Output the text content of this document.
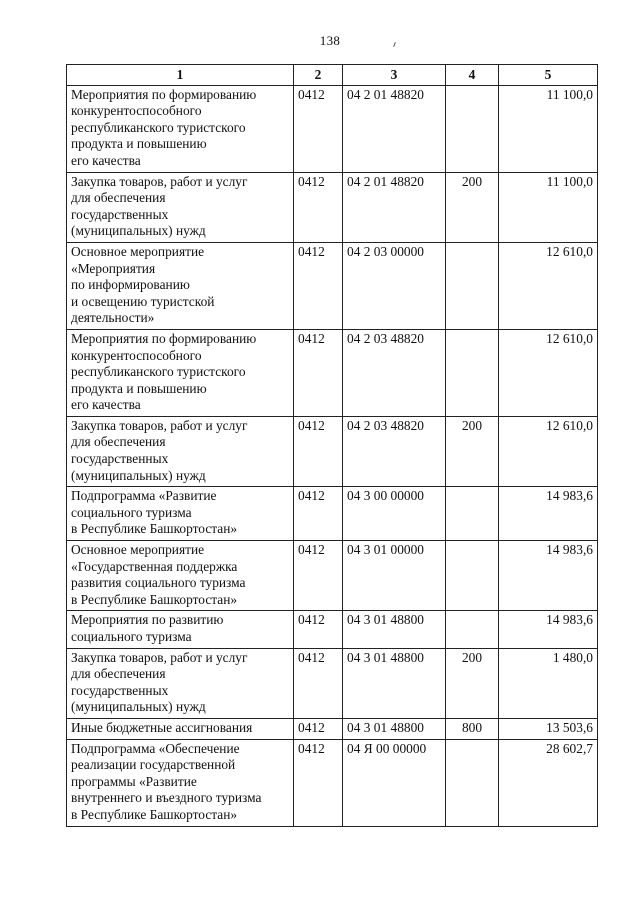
138
1	2	3	4	5
Мероприятия по формированию
конкурентоспособного
республиканского туристского
продукта и повышению
его качества	0412	04 2 01 48820		11 100,0
Закупка товаров, работ и услуг
для обеспечения
государственных
(муниципальных) нужд	0412	04 2 01 48820	200	11 100,0
Основное мероприятие
«Мероприятия
по информированию
и освещению туристской
деятельности»	0412	04 2 03 00000		12 610,0
Мероприятия по формированию
конкурентоспособного
республиканского туристского
продукта и повышению
его качества	0412	04 2 03 48820		12 610,0
Закупка товаров, работ и услуг
для обеспечения
государственных
(муниципальных) нужд	0412	04 2 03 48820	200	12 610,0
Подпрограмма «Развитие
социального туризма
в Республике Башкортостан»	0412	04 3 00 00000		14 983,6
Основное мероприятие
«Государственная поддержка
развития социального туризма
в Республике Башкортостан»	0412	04 3 01 00000		14 983,6
Мероприятия по развитию
социального туризма	0412	04 3 01 48800		14 983,6
Закупка товаров, работ и услуг
для обеспечения
государственных
(муниципальных) нужд	0412	04 3 01 48800	200	1 480,0
Иные бюджетные ассигнования	0412	04 3 01 48800	800	13 503,6
Подпрограмма «Обеспечение
реализации государственной
программы «Развитие
внутреннего и въездного туризма
в Республике Башкортостан»	0412	04 Я 00 00000		28 602,7
